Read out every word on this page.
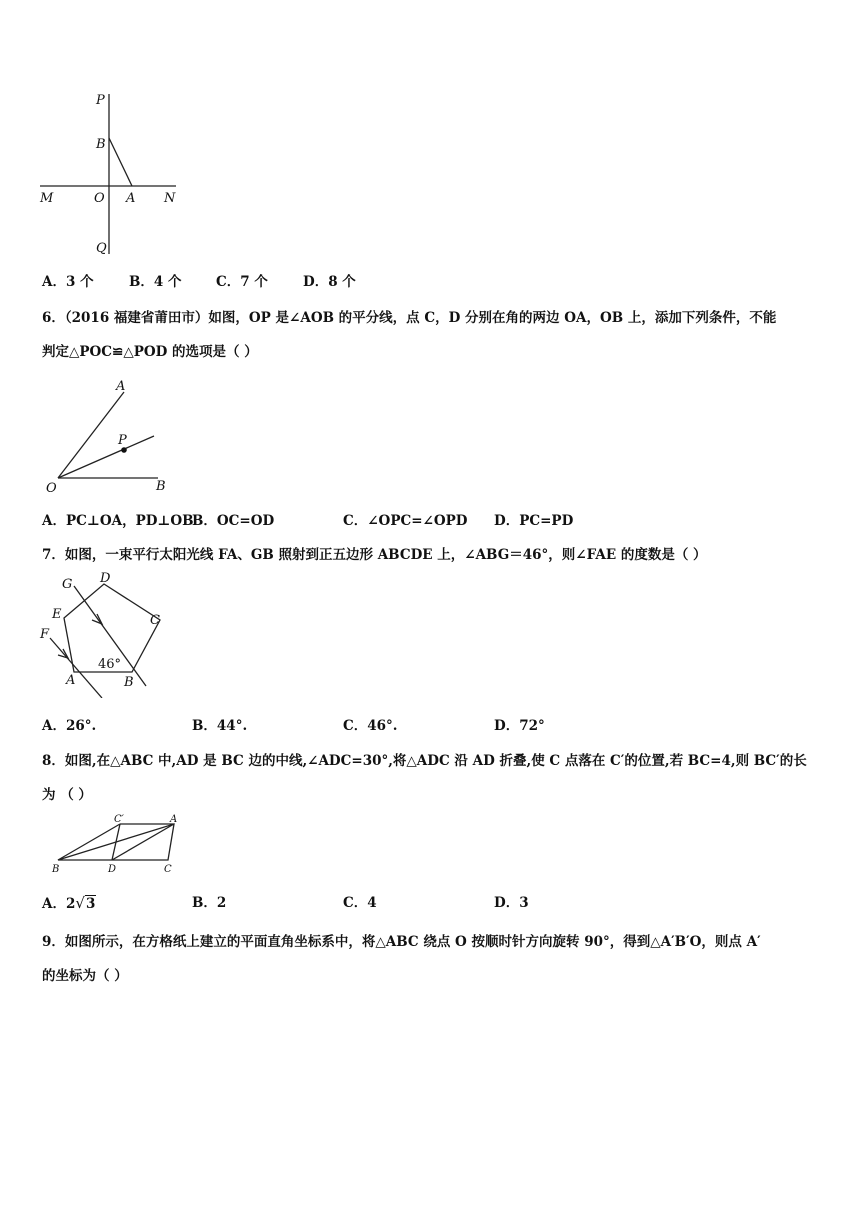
P
B
M	O A N
Q
A．3 个	B．4 个	C．7 个	D．8 个
6．（2016 福建省莆田市）如图，OP 是∠AOB 的平分线，点 C，D 分别在角的两边 OA，OB 上，添加下列条件，不能
判定△POC≌△POD 的选项是（ ）
A
P
O	B
A．PC⊥OA，PD⊥OB
B．OC=OD	C．∠OPC=∠OPD D．PC=PD
7．如图，一束平行太阳光线 FA、GB 照射到正五边形 ABCDE 上，∠ABG＝46°，则∠FAE 的度数是（ ）
G D
E	C
F
A	B
46°
A．26°.	B．44°.	C．46°.	D．72°
8．如图,在△ABC 中,AD 是 BC 边的中线,∠ADC=30°,将△ADC 沿 AD 折叠,使 C 点落在 C′的位置,若 BC=4,则 BC′的长
为 （ ）
C′	A
B	D	C
A．2√3	B．2	C．4	D．3
9．如图所示，在方格纸上建立的平面直角坐标系中，将△ABC 绕点 O 按顺时针方向旋转 90°，得到△A′B′O，则点 A′
的坐标为（ ）
